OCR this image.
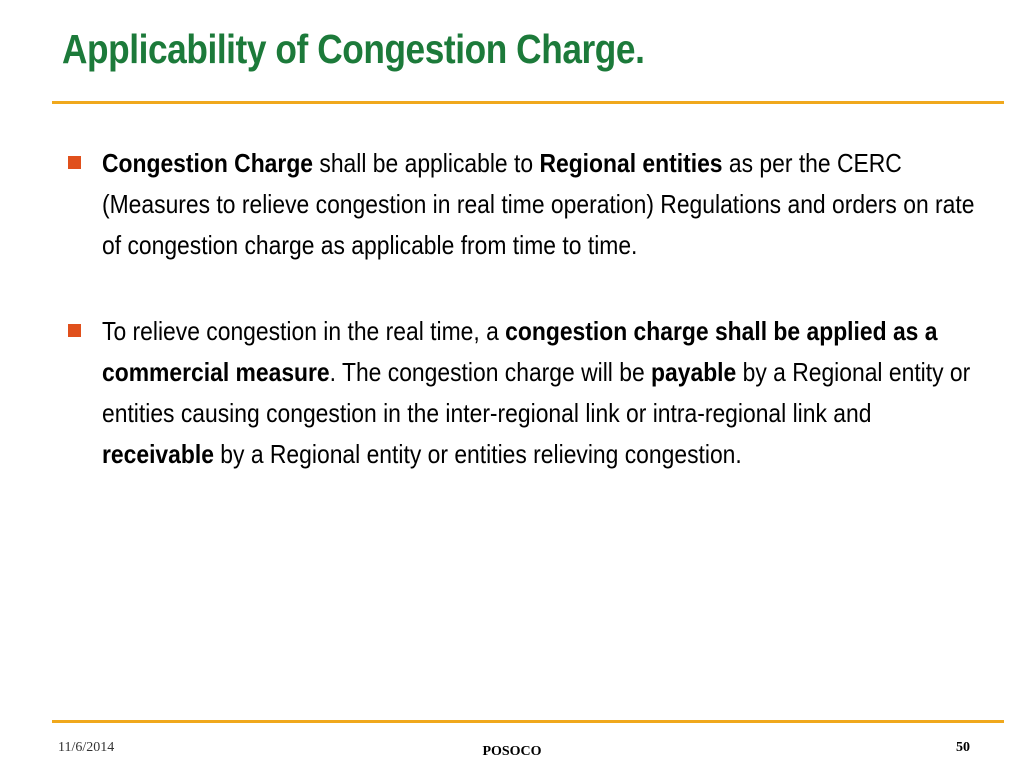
Applicability of Congestion Charge.
Congestion Charge shall be applicable to Regional entities as per the CERC (Measures to relieve congestion in real time operation) Regulations and orders on rate of congestion charge as applicable from time to time.
To relieve congestion in the real time, a congestion charge shall be applied as a commercial measure. The congestion charge will be payable by a Regional entity or entities causing congestion in the inter-regional link or intra-regional link and receivable by a Regional entity or entities relieving congestion.
11/6/2014	POSOCO	50
